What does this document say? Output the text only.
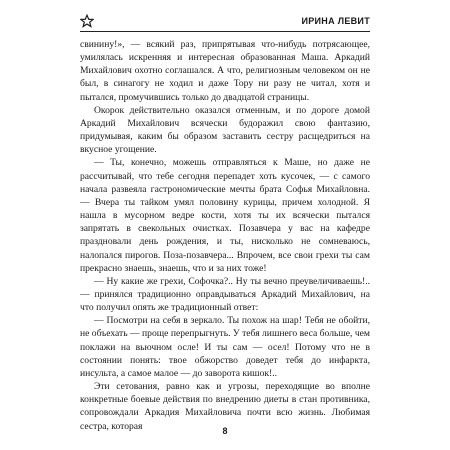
ИРИНА ЛЕВИТ

свинину!», — всякий раз, припрятывая что-нибудь потрясающее, умилялась искренняя и интересная образованная Маша. Аркадий Михайлович охотно соглашался. А что, религиозным человеком он не был, в синагогу не ходил и даже Тору ни разу не читал, хотя и пытался, промучившись только до двадцатой страницы.

Окорок действительно оказался отменным, и по дороге домой Аркадий Михайлович всячески будоражил свою фантазию, придумывая, каким бы образом заставить сестру расщедриться на вкусное угощение.

— Ты, конечно, можешь отправляться к Маше, но даже не рассчитывай, что тебе сегодня перепадет хоть кусочек, — с самого начала развеяла гастрономические мечты брата Софья Михайловна. — Вчера ты тайком умял половину курицы, причем холодной. Я нашла в мусорном ведре кости, хотя ты их всячески пытался запрятать в свекольных очистках. Позавчера у вас на кафедре праздновали день рождения, и ты, нисколько не сомневаюсь, налопался пирогов. Поза-позавчера... Впрочем, все свои грехи ты сам прекрасно знаешь, знаешь, что и за них тоже!

— Ну какие же грехи, Софочка?.. Ну ты вечно преувеличиваешь!.. — принялся традиционно оправдываться Аркадий Михайлович, на что получил опять же традиционный ответ:

— Посмотри на себя в зеркало. Ты похож на шар! Тебя не обойти, не объехать — проще перепрыгнуть. У тебя лишнего веса больше, чем поклажи на вьючном осле! И ты сам — осел! Потому что не в состоянии понять: твое обжорство доведет тебя до инфаркта, инсульта, а самое малое — до заворота кишок!..

Эти сетования, равно как и угрозы, переходящие во вполне конкретные боевые действия по внедрению диеты в стан противника, сопровождали Аркадия Михайловича почти всю жизнь. Любимая сестра, которая	8
